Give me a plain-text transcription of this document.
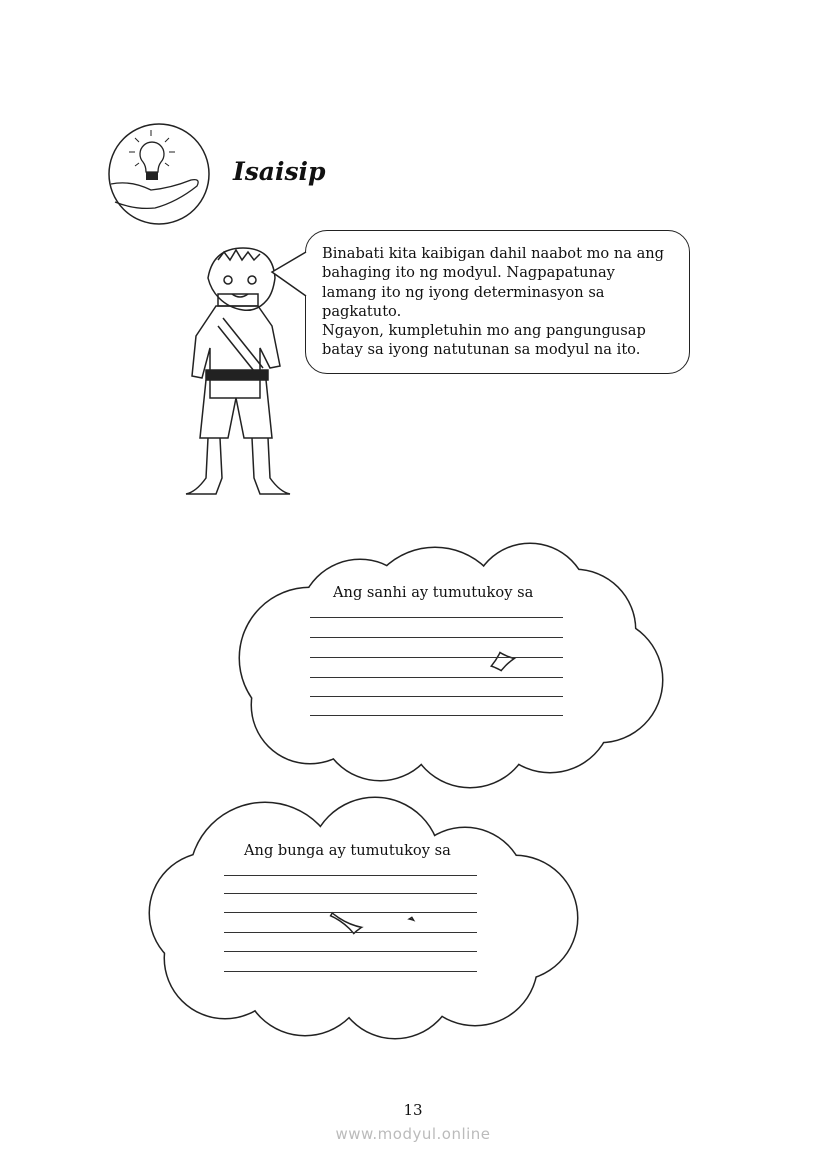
Isaisip
Binabati kita kaibigan dahil naabot mo na ang
bahaging ito ng modyul. Nagpapatunay
lamang ito ng iyong determinasyon sa
pagkatuto.
Ngayon, kumpletuhin mo ang pangungusap
batay sa iyong natutunan sa modyul na ito.
Ang sanhi ay tumutukoy sa
Ang bunga ay tumutukoy sa
13
www.modyul.online
